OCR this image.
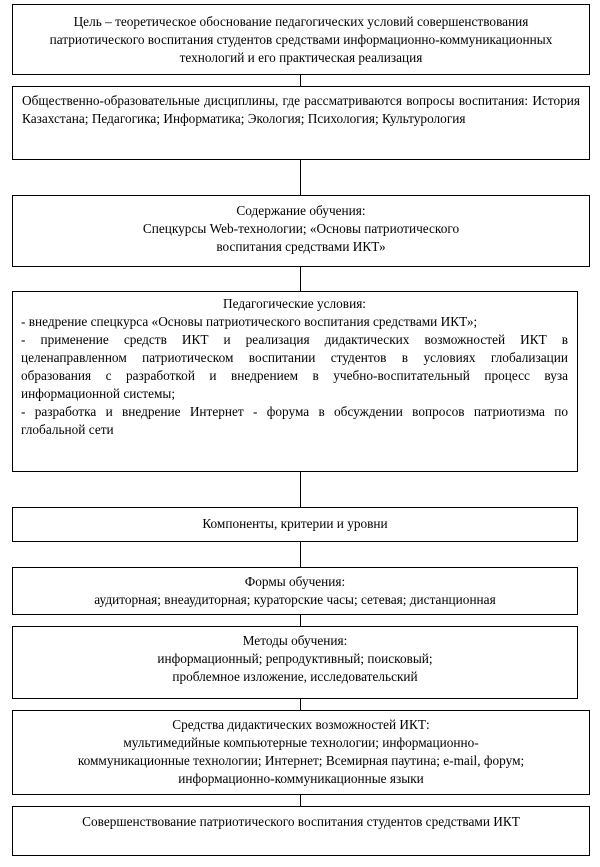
Цель – теоретическое обоснование педагогических условий совершенствования патриотического воспитания студентов средствами информационно-коммуникационных технологий и его практическая реализация

Общественно-образовательные дисциплины, где рассматриваются вопросы воспитания: История Казахстана; Педагогика; Информатика; Экология; Психология; Культурология

Содержание обучения:

Спецкурсы Web-технологии; «Основы патриотического

воспитания средствами ИКТ»

Педагогические условия:

- внедрение спецкурса «Основы патриотического воспитания средствами ИКТ»;

- применение средств ИКТ и реализация дидактических возможностей ИКТ в целенаправленном патриотическом воспитании студентов в условиях глобализации образования с разработкой и внедрением в учебно-воспитательный процесс вуза информационной системы;

- разработка и внедрение Интернет - форума в обсуждении вопросов патриотизма по глобальной сети

Компоненты, критерии и уровни

Формы обучения:

аудиторная; внеаудиторная; кураторские часы; сетевая; дистанционная

Методы обучения:

информационный; репродуктивный; поисковый;

проблемное изложение, исследовательский

Средства дидактических возможностей ИКТ:

мультимедийные компьютерные технологии; информационно-

коммуникационные технологии; Интернет; Всемирная паутина; e-mail, форум;

информационно-коммуникационные языки

Совершенствование патриотического воспитания студентов средствами ИКТ
